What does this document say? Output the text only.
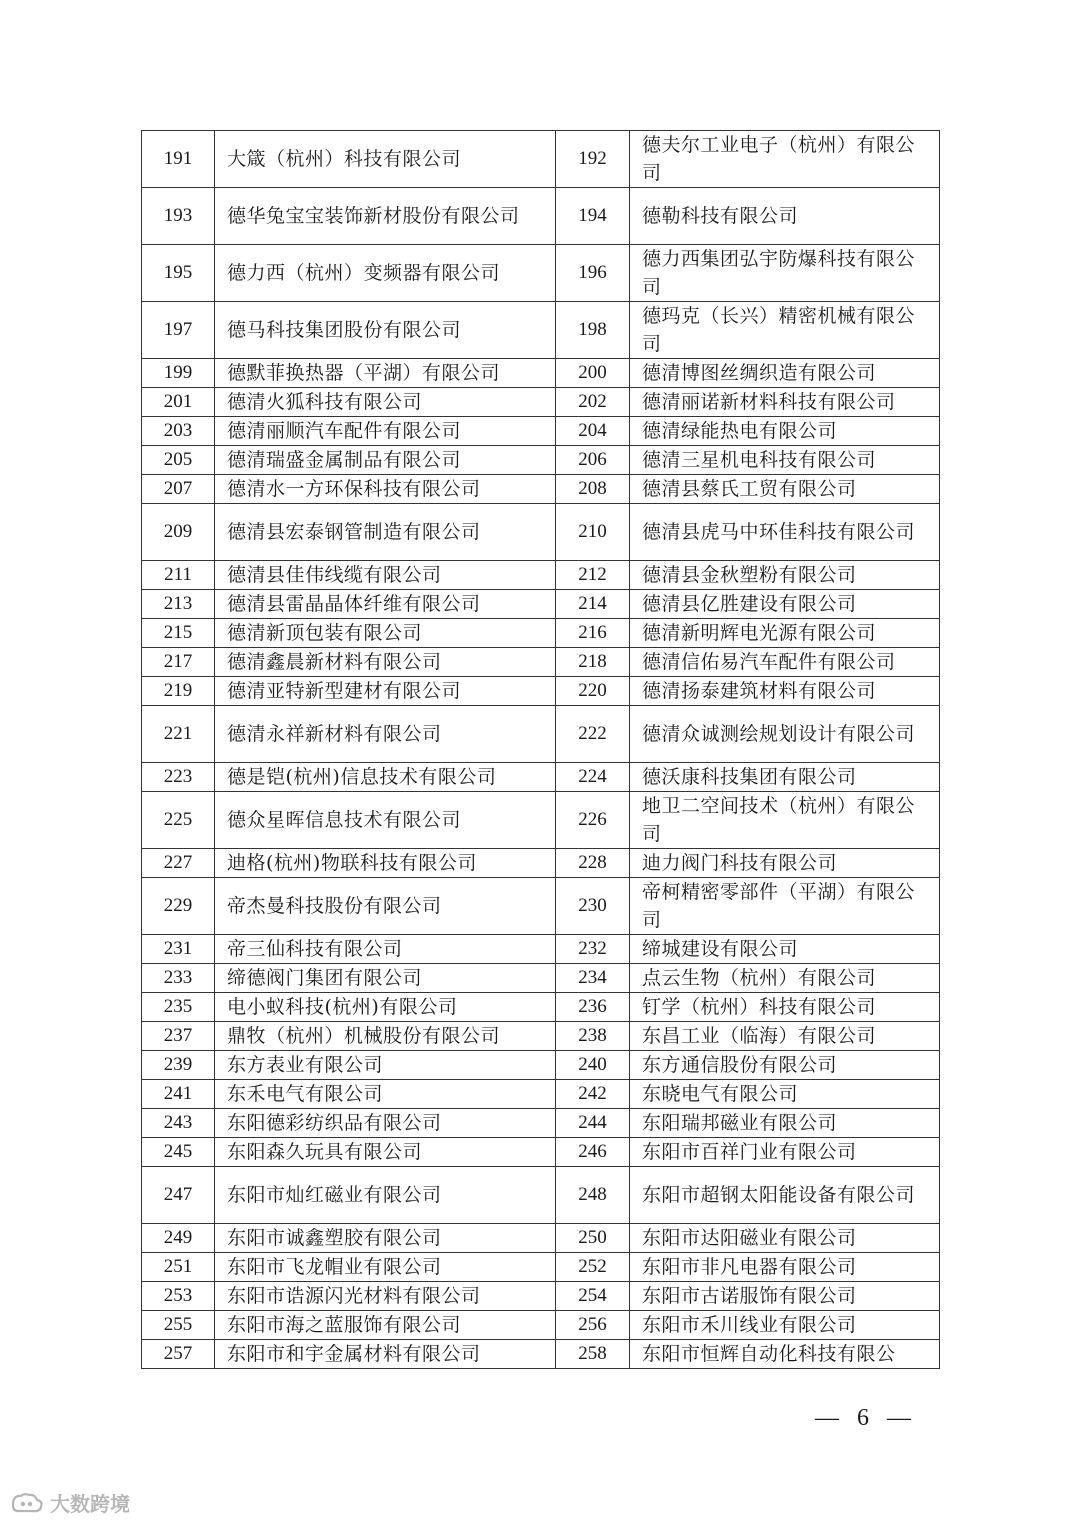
191	大箴（杭州）科技有限公司	192	德夫尔工业电子（杭州）有限公司
193	德华兔宝宝装饰新材股份有限公司	194	德勒科技有限公司
195	德力西（杭州）变频器有限公司	196	德力西集团弘宇防爆科技有限公司
197	德马科技集团股份有限公司	198	德玛克（长兴）精密机械有限公司
199	德默菲换热器（平湖）有限公司	200	德清博图丝绸织造有限公司
201	德清火狐科技有限公司	202	德清丽诺新材料科技有限公司
203	德清丽顺汽车配件有限公司	204	德清绿能热电有限公司
205	德清瑞盛金属制品有限公司	206	德清三星机电科技有限公司
207	德清水一方环保科技有限公司	208	德清县蔡氏工贸有限公司
209	德清县宏泰钢管制造有限公司	210	德清县虎马中环佳科技有限公司
211	德清县佳伟线缆有限公司	212	德清县金秋塑粉有限公司
213	德清县雷晶晶体纤维有限公司	214	德清县亿胜建设有限公司
215	德清新顶包装有限公司	216	德清新明辉电光源有限公司
217	德清鑫晨新材料有限公司	218	德清信佑易汽车配件有限公司
219	德清亚特新型建材有限公司	220	德清扬泰建筑材料有限公司
221	德清永祥新材料有限公司	222	德清众诚测绘规划设计有限公司
223	德是铠(杭州)信息技术有限公司	224	德沃康科技集团有限公司
225	德众星晖信息技术有限公司	226	地卫二空间技术（杭州）有限公司
227	迪格(杭州)物联科技有限公司	228	迪力阀门科技有限公司
229	帝杰曼科技股份有限公司	230	帝柯精密零部件（平湖）有限公司
231	帝三仙科技有限公司	232	缔城建设有限公司
233	缔德阀门集团有限公司	234	点云生物（杭州）有限公司
235	电小蚁科技(杭州)有限公司	236	钉学（杭州）科技有限公司
237	鼎牧（杭州）机械股份有限公司	238	东昌工业（临海）有限公司
239	东方表业有限公司	240	东方通信股份有限公司
241	东禾电气有限公司	242	东晓电气有限公司
243	东阳德彩纺织品有限公司	244	东阳瑞邦磁业有限公司
245	东阳森久玩具有限公司	246	东阳市百祥门业有限公司
247	东阳市灿红磁业有限公司	248	东阳市超钢太阳能设备有限公司
249	东阳市诚鑫塑胶有限公司	250	东阳市达阳磁业有限公司
251	东阳市飞龙帽业有限公司	252	东阳市非凡电器有限公司
253	东阳市诰源闪光材料有限公司	254	东阳市古诺服饰有限公司
255	东阳市海之蓝服饰有限公司	256	东阳市禾川线业有限公司
257	东阳市和宇金属材料有限公司	258	东阳市恒辉自动化科技有限公
— 6 —
大数跨境
